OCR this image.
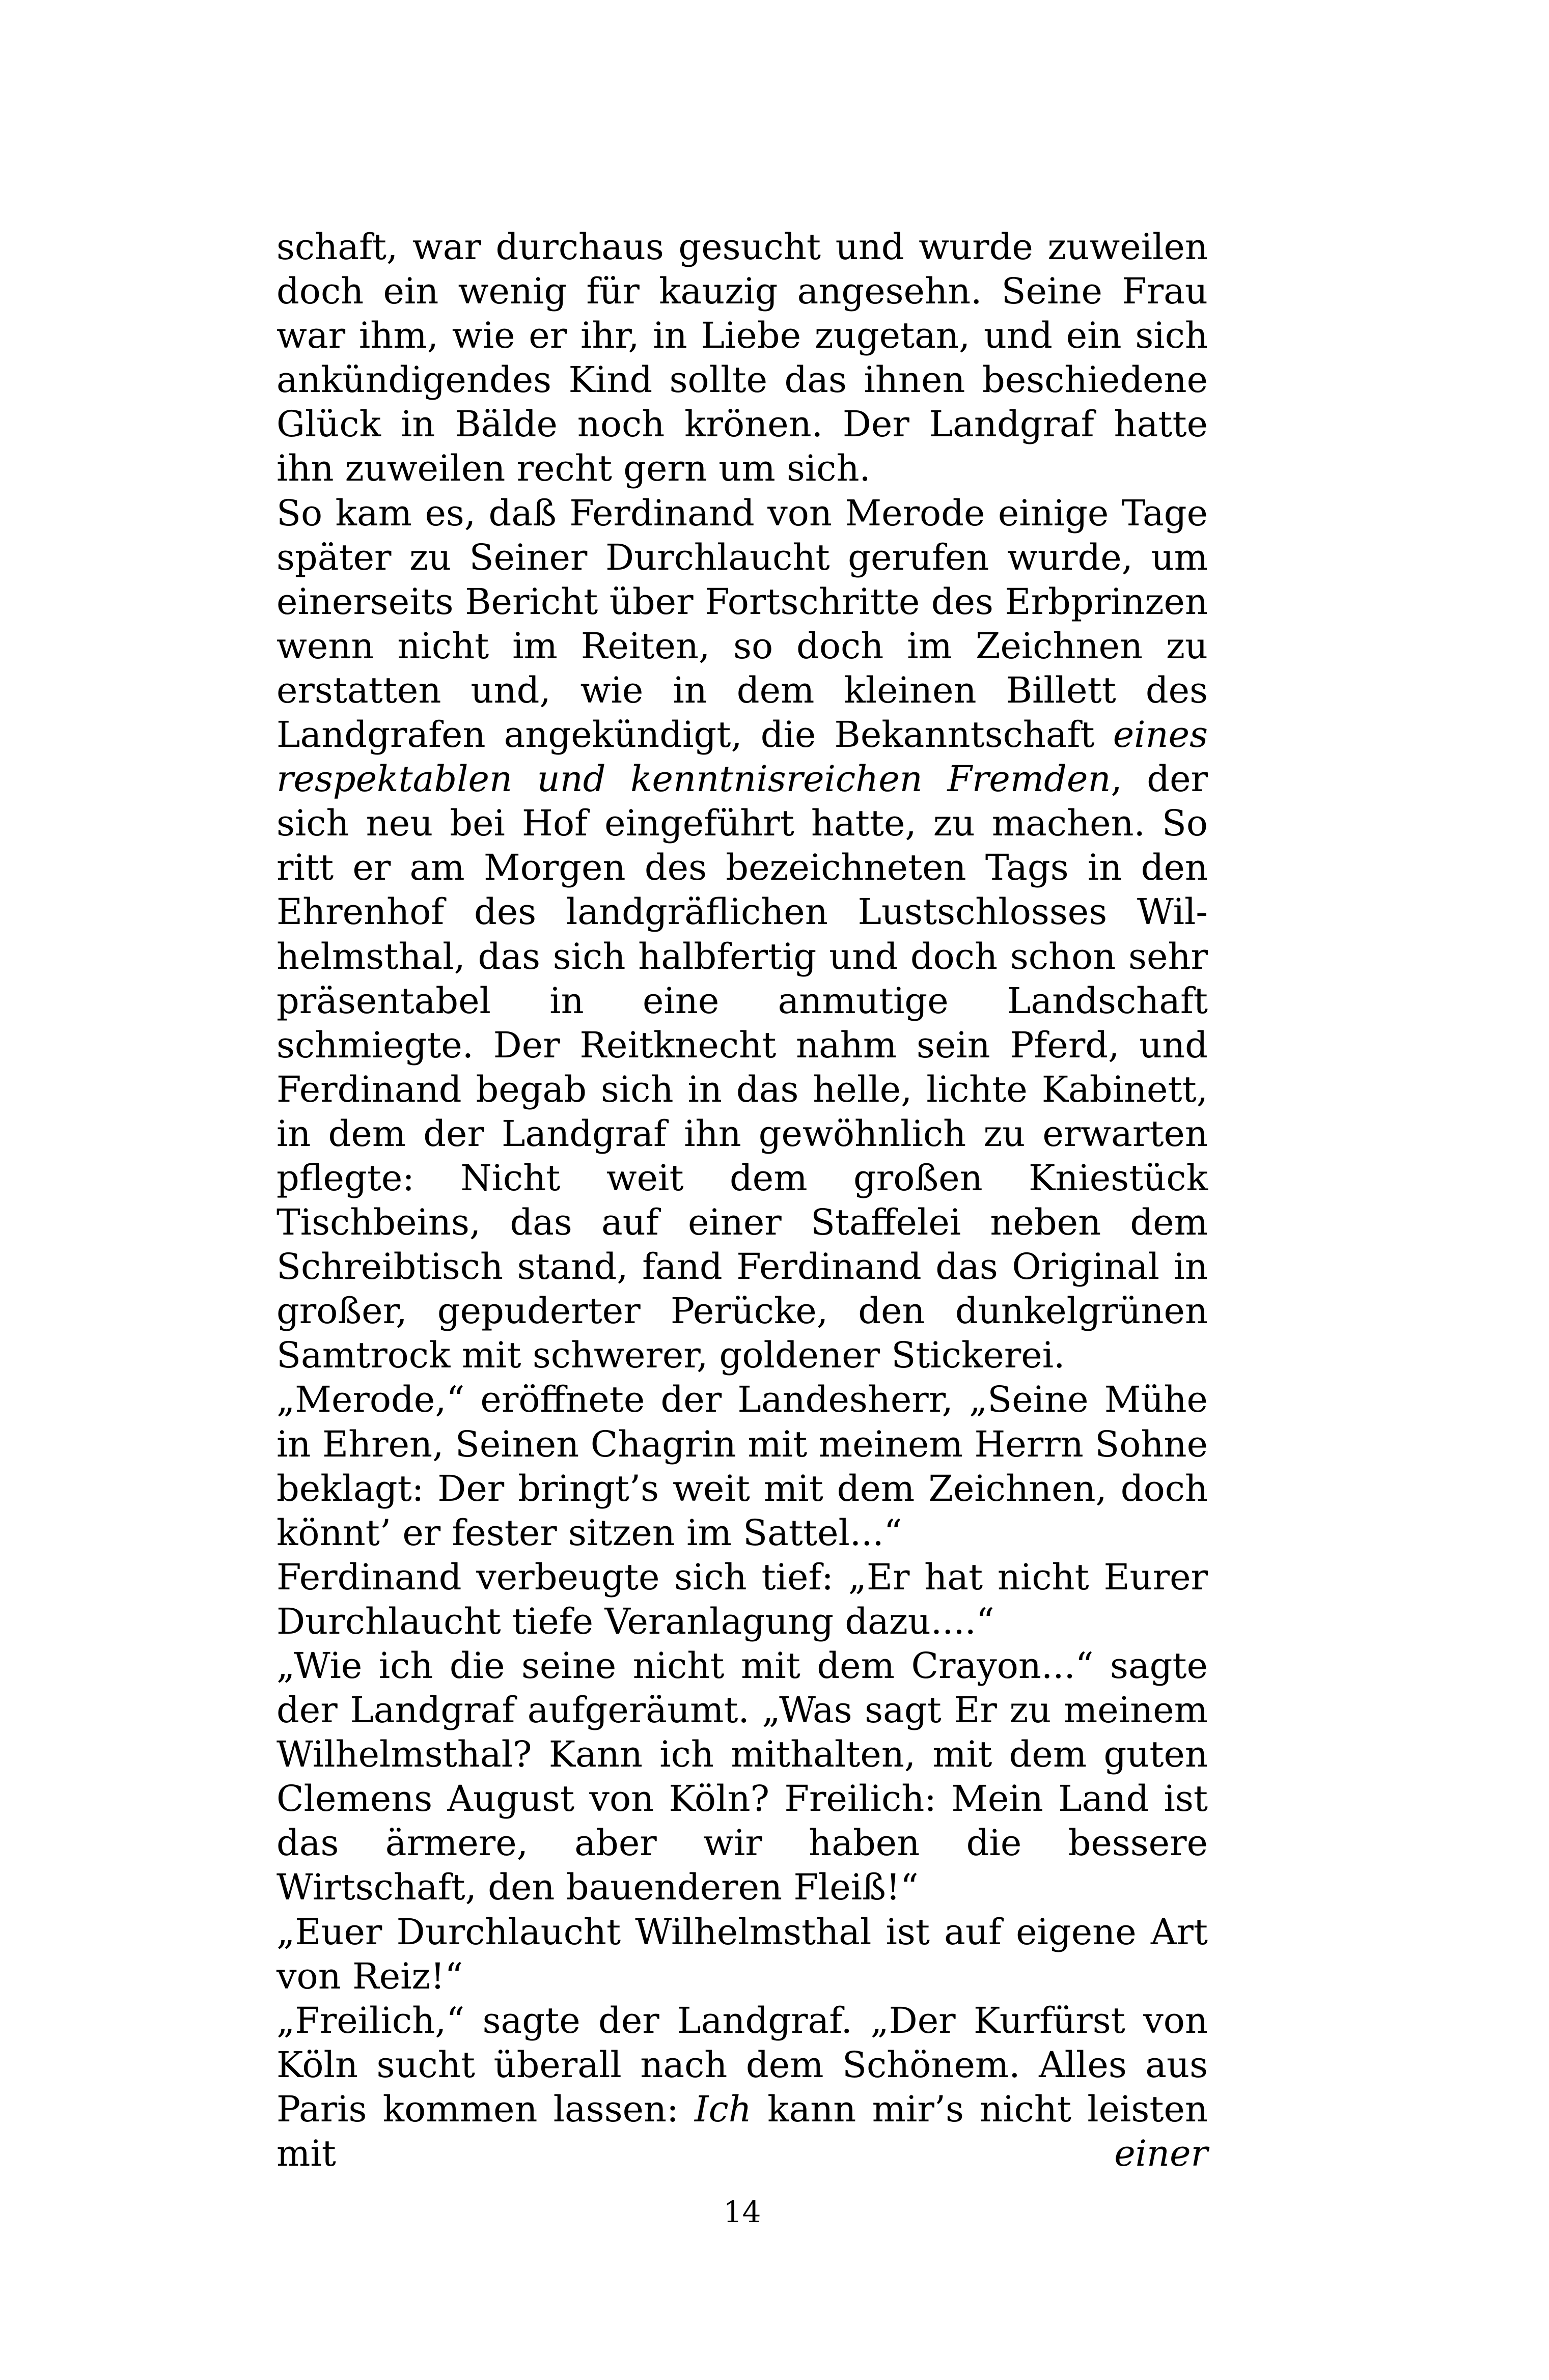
schaft, war durchaus gesucht und wurde zuweilen doch ein wenig für kauzig angesehn. Seine Frau war ihm, wie er ihr, in Liebe zugetan, und ein sich ankündigendes Kind sollte das ihnen beschiedene Glück in Bälde noch krönen. Der Landgraf hatte ihn zuweilen recht gern um sich.

So kam es, daß Ferdinand von Merode einige Tage später zu Seiner Durchlaucht gerufen wurde, um einerseits Bericht über Fortschritte des Erbprinzen wenn nicht im Reiten, so doch im Zeichnen zu erstatten und, wie in dem kleinen Billett des Landgrafen angekündigt, die Bekanntschaft eines respektablen und kenntnisreichen Fremden, der sich neu bei Hof eingeführt hatte, zu machen. So ritt er am Morgen des bezeichneten Tags in den Ehrenhof des landgräflichen Lustschlosses Wilhelmsthal, das sich halbfertig und doch schon sehr präsentabel in eine anmutige Landschaft schmiegte. Der Reitknecht nahm sein Pferd, und Ferdinand begab sich in das helle, lichte Kabinett, in dem der Landgraf ihn gewöhnlich zu erwarten pflegte: Nicht weit dem großen Kniestück Tischbeins, das auf einer Staffelei neben dem Schreibtisch stand, fand Ferdinand das Original in großer, gepuderter Perücke, den dunkelgrünen Samtrock mit schwerer, goldener Stickerei.

„Merode,“ eröffnete der Landesherr, „Seine Mühe in Ehren, Seinen Chagrin mit meinem Herrn Sohne beklagt: Der bringt’s weit mit dem Zeichnen, doch könnt’ er fester sitzen im Sattel...“

Ferdinand verbeugte sich tief: „Er hat nicht Eurer Durchlaucht tiefe Veranlagung dazu....“

„Wie ich die seine nicht mit dem Crayon...“ sagte der Landgraf aufgeräumt. „Was sagt Er zu meinem Wilhelmsthal? Kann ich mithalten, mit dem guten Clemens August von Köln? Freilich: Mein Land ist das ärmere, aber wir haben die bessere Wirtschaft, den bauenderen Fleiß!“

„Euer Durchlaucht Wilhelmsthal ist auf eigene Art von Reiz!“

„Freilich,“ sagte der Landgraf. „Der Kurfürst von Köln sucht überall nach dem Schönem. Alles aus Paris kommen lassen: Ich kann mir’s nicht leisten mit einer

14
